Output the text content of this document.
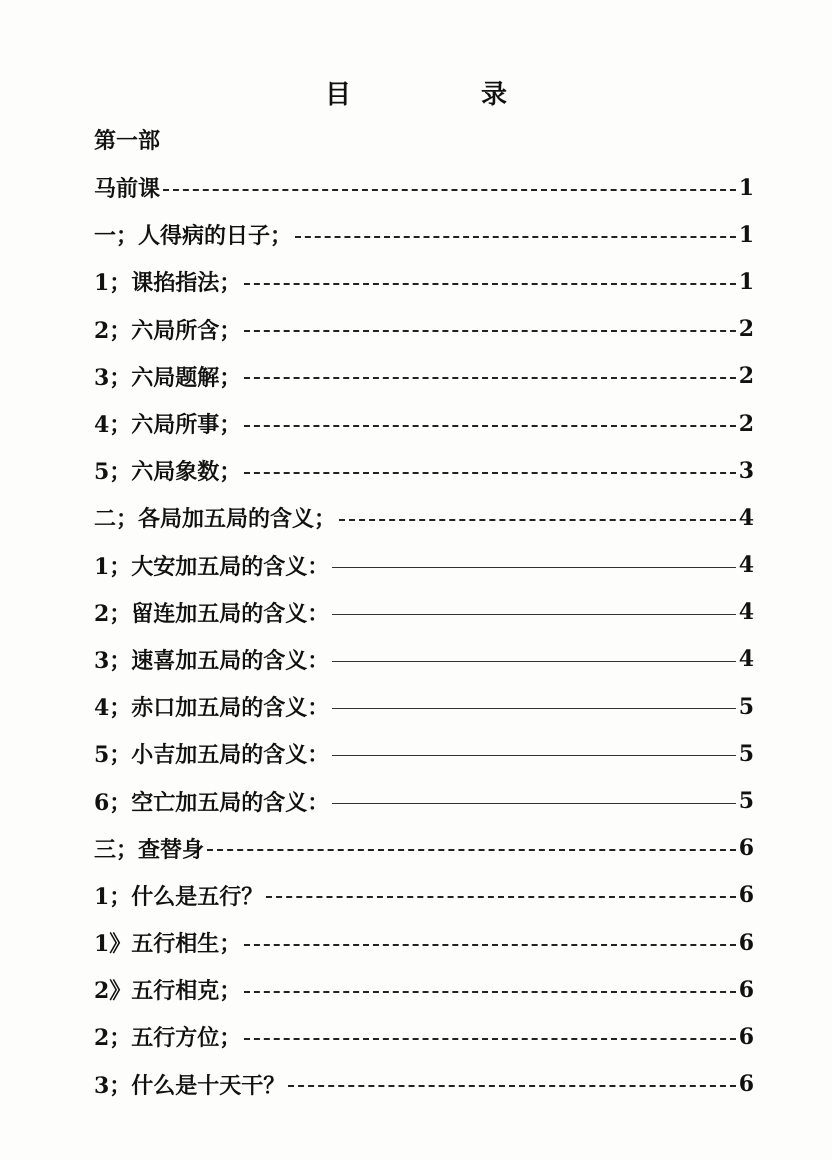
目　录
第一部
马前课	1
一；人得病的日子；	1
1；课掐指法；	1
2；六局所含；	2
3；六局题解；	2
4；六局所事；	2
5；六局象数；	3
二；各局加五局的含义；	4
1；大安加五局的含义：	4
2；留连加五局的含义：	4
3；速喜加五局的含义：	4
4；赤口加五局的含义：	5
5；小吉加五局的含义：	5
6；空亡加五局的含义：	5
三；查替身	6
1；什么是五行？	6
1》五行相生；	6
2》五行相克；	6
2；五行方位；	6
3；什么是十天干？	6
